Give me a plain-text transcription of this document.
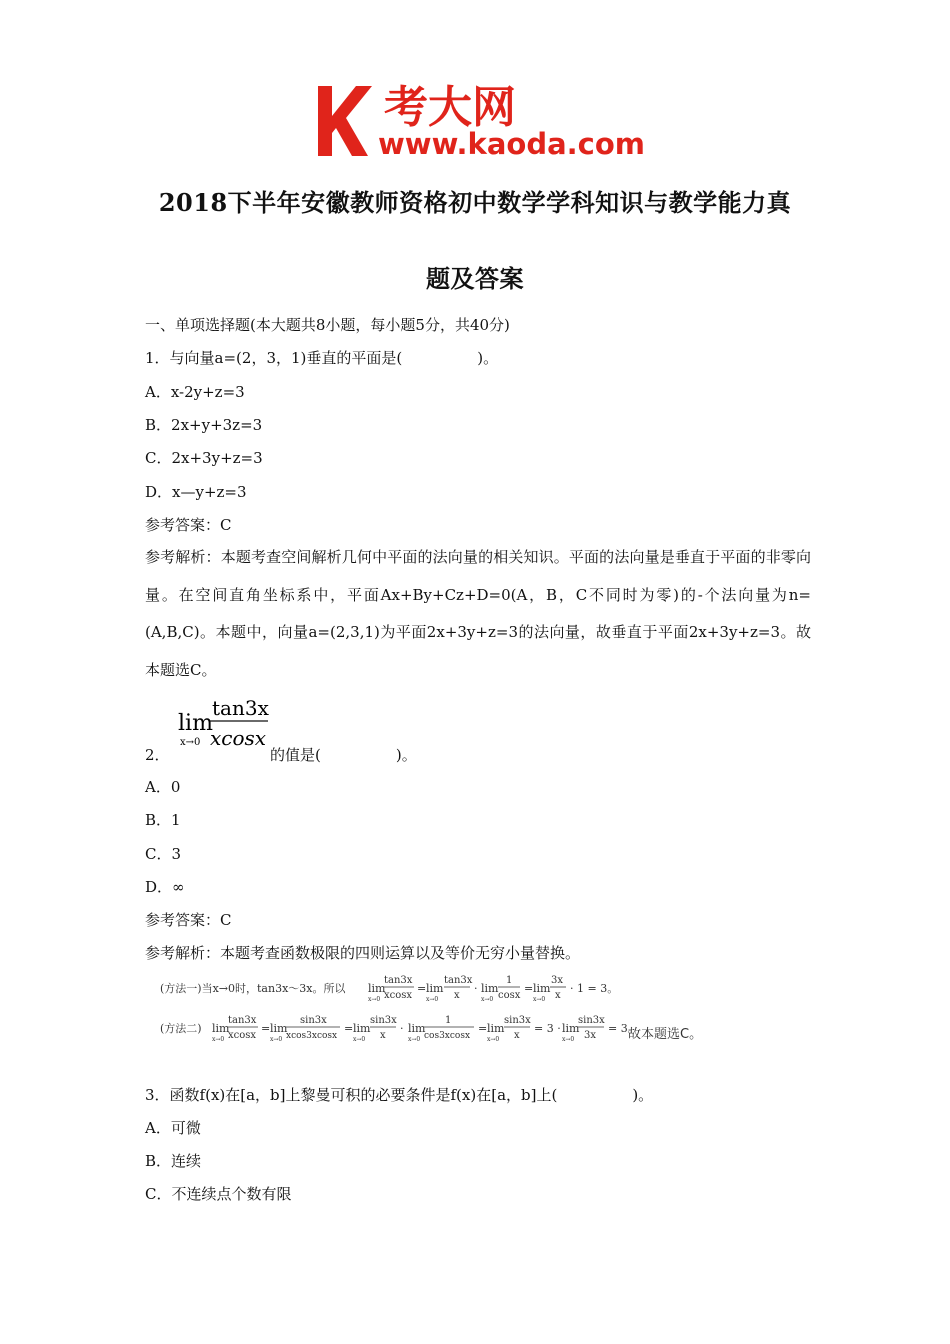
考大网
www.kaoda.com
2018下半年安徽教师资格初中数学学科知识与教学能力真
题及答案
一、单项选择题(本大题共8小题，每小题5分，共40分)
1．与向量a=(2，3，1)垂直的平面是(　　　　　)。
A．x-2y+z=3
B．2x+y+3z=3
C．2x+3y+z=3
D．x—y+z=3
参考答案：C
参考解析：本题考查空间解析几何中平面的法向量的相关知识。平面的法向量是垂直于平面的非零向量。在空间直角坐标系中，平面Ax+By+Cz+D=0(A，B，C不同时为零)的-个法向量为n=(A,B,C)。本题中，向量a=(2,3,1)为平面2x+3y+z=3的法向量，故垂直于平面2x+3y+z=3。故本题选C。
lim
x→0
tan3x
xcosx
2．	的值是(　　　　　)。
A．0
B．1
C．3
D．∞
参考答案：C
参考解析：本题考查函数极限的四则运算以及等价无穷小量替换。
(方法一)当x→0时，tan3x～3x。所以 lim
x→0
tan3x
xcosx
= lim
x→0
tan3x
x
· lim
x→0
1
cosx
= lim
x→0
3x
x
· 1 = 3。
(方法二) lim
x→0
tan3x
xcosx
= lim
x→0
sin3x
xcos3xcosx
= lim
x→0
sin3x
x
· lim
x→0
1
cos3xcosx
= lim
x→0
sin3x
x
= 3 · lim
x→0
sin3x
3x
= 3。
故本题选C。
3．函数f(x)在[a，b]上黎曼可积的必要条件是f(x)在[a，b]上(　　　　　)。
A．可微
B．连续
C．不连续点个数有限
